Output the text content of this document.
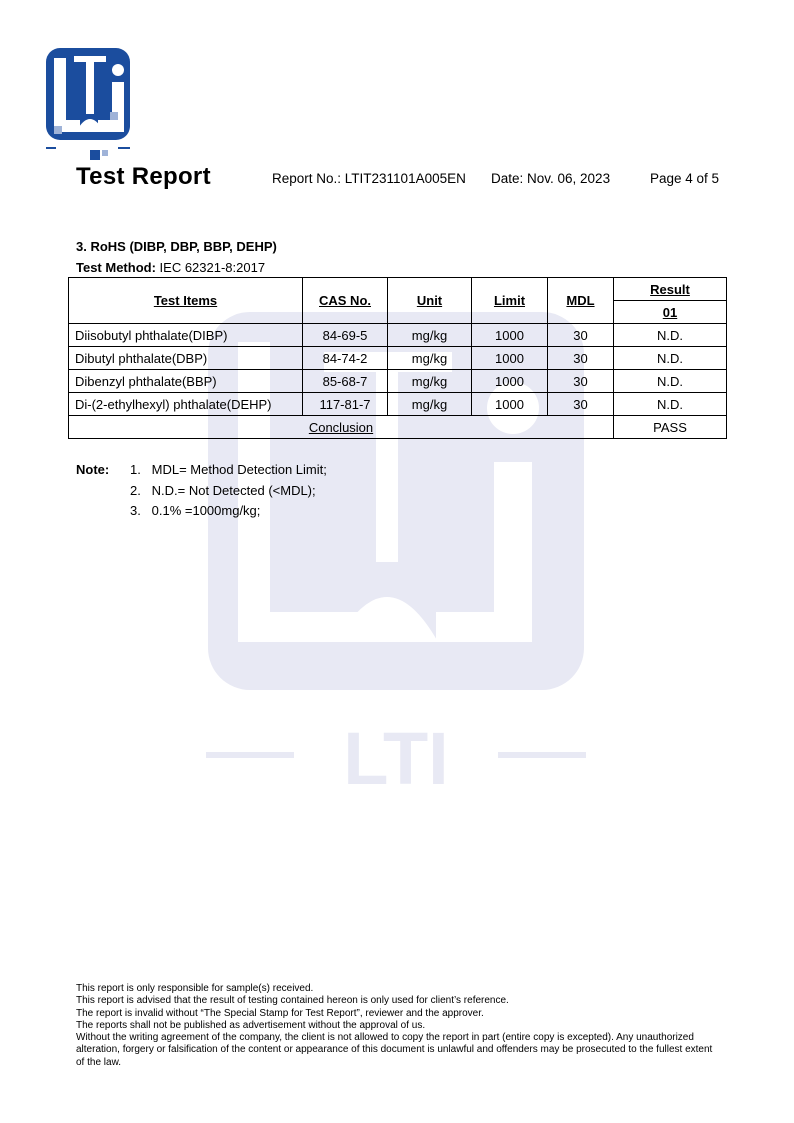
LTI
Test Report	Report No.: LTIT231101A005EN Date: Nov. 06, 2023	Page 4 of 5
3. RoHS (DIBP, DBP, BBP, DEHP)
Test Method: IEC 62321-8:2017
Test Items	CAS No.	Unit	Limit	MDL	Result
					01
Diisobutyl phthalate(DIBP)	84-69-5	mg/kg	1000	30	N.D.
Dibutyl phthalate(DBP)	84-74-2	mg/kg	1000	30	N.D.
Dibenzyl phthalate(BBP)	85-68-7	mg/kg	1000	30	N.D.
Di-(2-ethylhexyl) phthalate(DEHP)	117-81-7	mg/kg	1000	30	N.D.
Conclusion					PASS
Note: 1. MDL= Method Detection Limit;
2. N.D.= Not Detected (<MDL);
3. 0.1% =1000mg/kg;
This report is only responsible for sample(s) received.
This report is advised that the result of testing contained hereon is only used for client’s reference.
The report is invalid without “The Special Stamp for Test Report”, reviewer and the approver.
The reports shall not be published as advertisement without the approval of us.
Without the writing agreement of the company, the client is not allowed to copy the report in part (entire copy is excepted). Any unauthorized alteration, forgery or falsification of the content or appearance of this document is unlawful and offenders may be prosecuted to the fullest extent of the law.
